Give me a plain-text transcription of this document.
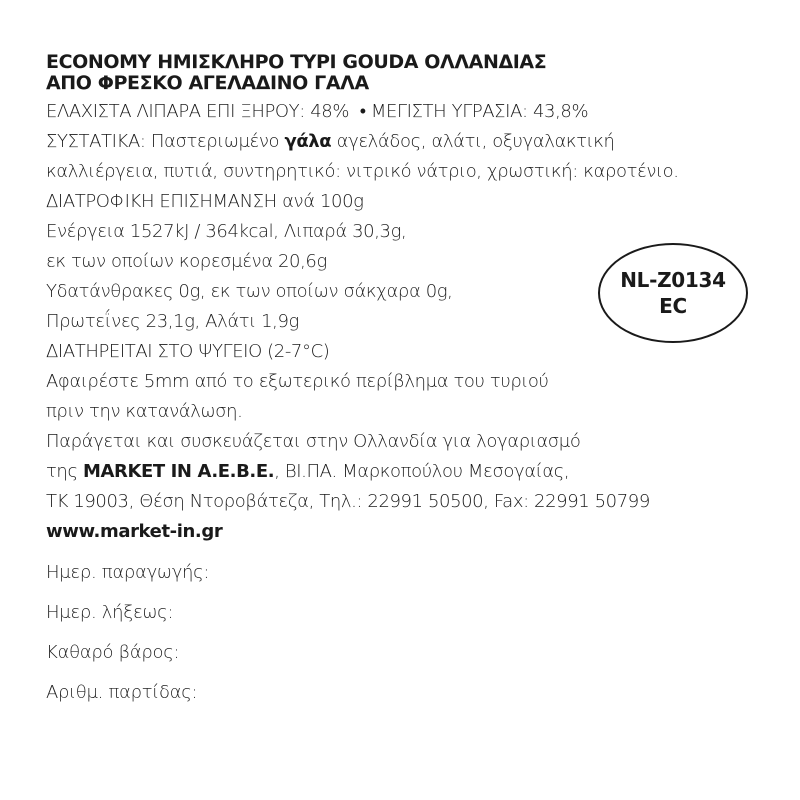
ECONOMY ΗΜΙΣΚΛΗΡΟ ΤΥΡΙ GOUDA ΟΛΛΑΝΔΙΑΣ
ΑΠΟ ΦΡΕΣΚΟ ΑΓΕΛΑΔΙΝΟ ΓΑΛΑ
ΕΛΑΧΙΣΤΑ ΛΙΠΑΡΑ ΕΠΙ ΞΗΡΟΥ: 48%  • ΜΕΓΙΣΤΗ ΥΓΡΑΣΙΑ: 43,8%
ΣΥΣΤΑΤΙΚΑ: Παστεριωμένο γάλα αγελάδος, αλάτι, οξυγαλακτική
καλλιέργεια, πυτιά, συντηρητικό: νιτρικό νάτριο, χρωστική: καροτένιο.
ΔΙΑΤΡΟΦΙΚΗ ΕΠΙΣΗΜΑΝΣΗ ανά 100g
Ενέργεια 1527kJ / 364kcal, Λιπαρά 30,3g,
εκ των οποίων κορεσμένα 20,6g
Υδατάνθρακες 0g, εκ των οποίων σάκχαρα 0g,
Πρωτεΐνες 23,1g, Αλάτι 1,9g
ΔΙΑΤΗΡΕΙΤΑΙ ΣΤΟ ΨΥΓΕΙΟ (2-7°C)
Αφαιρέστε 5mm από το εξωτερικό περίβλημα του τυριού
πριν την κατανάλωση.
Παράγεται και συσκευάζεται στην Ολλανδία για λογαριασμό
της MARKET IN A.E.B.E., ΒΙ.ΠΑ. Μαρκοπούλου Μεσογαίας,
ΤΚ 19003, Θέση Ντοροβάτεζα, Τηλ.: 22991 50500, Fax: 22991 50799
www.market-in.gr
Ημερ. παραγωγής:
Ημερ. λήξεως:
Καθαρό βάρος:
Αριθμ. παρτίδας:
NL-Z0134
EC
